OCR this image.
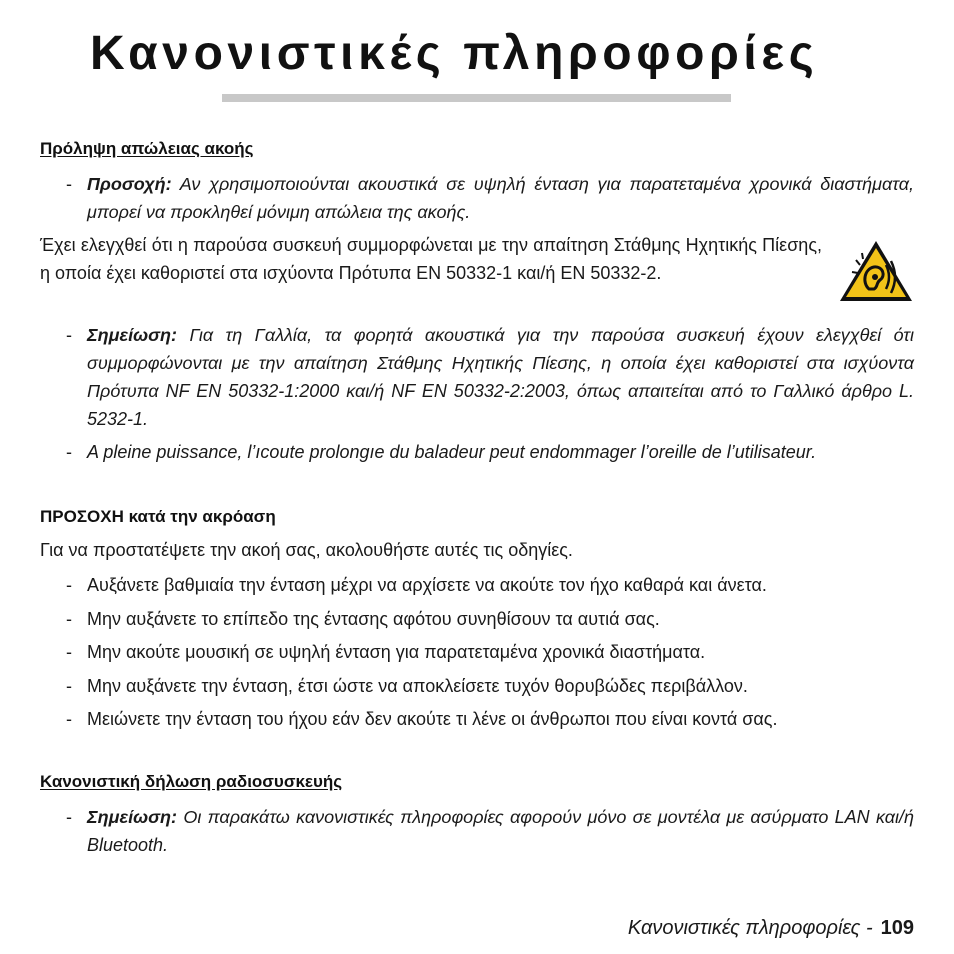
Κανονιστικές πληροφορίες
Πρόληψη απώλειας ακοής
- Προσοχή: Αν χρησιμοποιούνται ακουστικά σε υψηλή ένταση για παρατεταμένα χρονικά διαστήματα, μπορεί να προκληθεί μόνιμη απώλεια της ακοής.

Έχει ελεγχθεί ότι η παρούσα συσκευή συμμορφώνεται με την απαίτηση Στάθμης Ηχητικής Πίεσης, η οποία έχει καθοριστεί στα ισχύοντα Πρότυπα EN 50332-1 και/ή EN 50332-2.

- Σημείωση: Για τη Γαλλία, τα φορητά ακουστικά για την παρούσα συσκευή έχουν ελεγχθεί ότι συμμορφώνονται με την απαίτηση Στάθμης Ηχητικής Πίεσης, η οποία έχει καθοριστεί στα ισχύοντα Πρότυπα NF EN 50332-1:2000 και/ή NF EN 50332-2:2003, όπως απαιτείται από το Γαλλικό άρθρο L. 5232-1.
- A pleine puissance, l’ıcoute prolongıe du baladeur peut endommager l’oreille de l’utilisateur.
ΠΡΟΣΟΧΗ κατά την ακρόαση

Για να προστατέψετε την ακοή σας, ακολουθήστε αυτές τις οδηγίες.

- Αυξάνετε βαθμιαία την ένταση μέχρι να αρχίσετε να ακούτε τον ήχο καθαρά και άνετα.
- Μην αυξάνετε το επίπεδο της έντασης αφότου συνηθίσουν τα αυτιά σας.
- Μην ακούτε μουσική σε υψηλή ένταση για παρατεταμένα χρονικά διαστήματα.
- Μην αυξάνετε την ένταση, έτσι ώστε να αποκλείσετε τυχόν θορυβώδες περιβάλλον.
- Μειώνετε την ένταση του ήχου εάν δεν ακούτε τι λένε οι άνθρωποι που είναι κοντά σας.
Κανονιστική δήλωση ραδιοσυσκευής
- Σημείωση: Οι παρακάτω κανονιστικές πληροφορίες αφορούν μόνο σε μοντέλα με ασύρματο LAN και/ή Bluetooth.
Κανονιστικές πληροφορίες - 109
